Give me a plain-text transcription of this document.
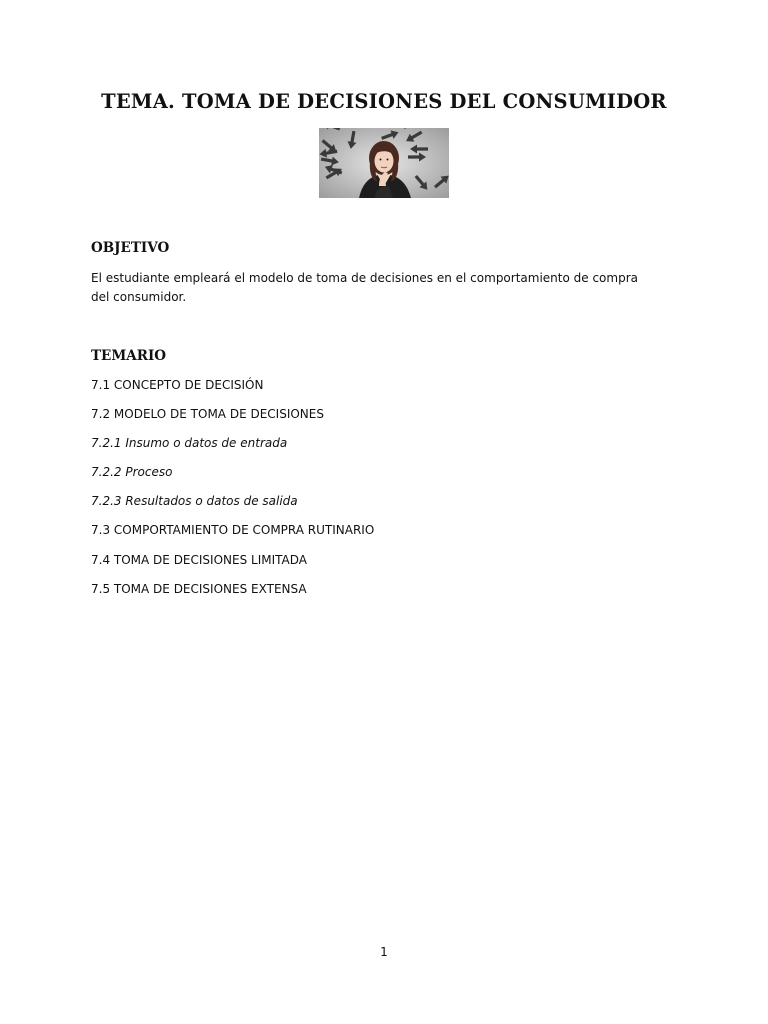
TEMA. TOMA DE DECISIONES DEL CONSUMIDOR
OBJETIVO

El estudiante empleará el modelo de toma de decisiones en el comportamiento de compra del consumidor.

TEMARIO
7.1 CONCEPTO DE DECISIÓN
7.2 MODELO DE TOMA DE DECISIONES
7.2.1 Insumo o datos de entrada
7.2.2 Proceso
7.2.3 Resultados o datos de salida
7.3 COMPORTAMIENTO DE COMPRA RUTINARIO
7.4 TOMA DE DECISIONES LIMITADA
7.5 TOMA DE DECISIONES EXTENSA
1
